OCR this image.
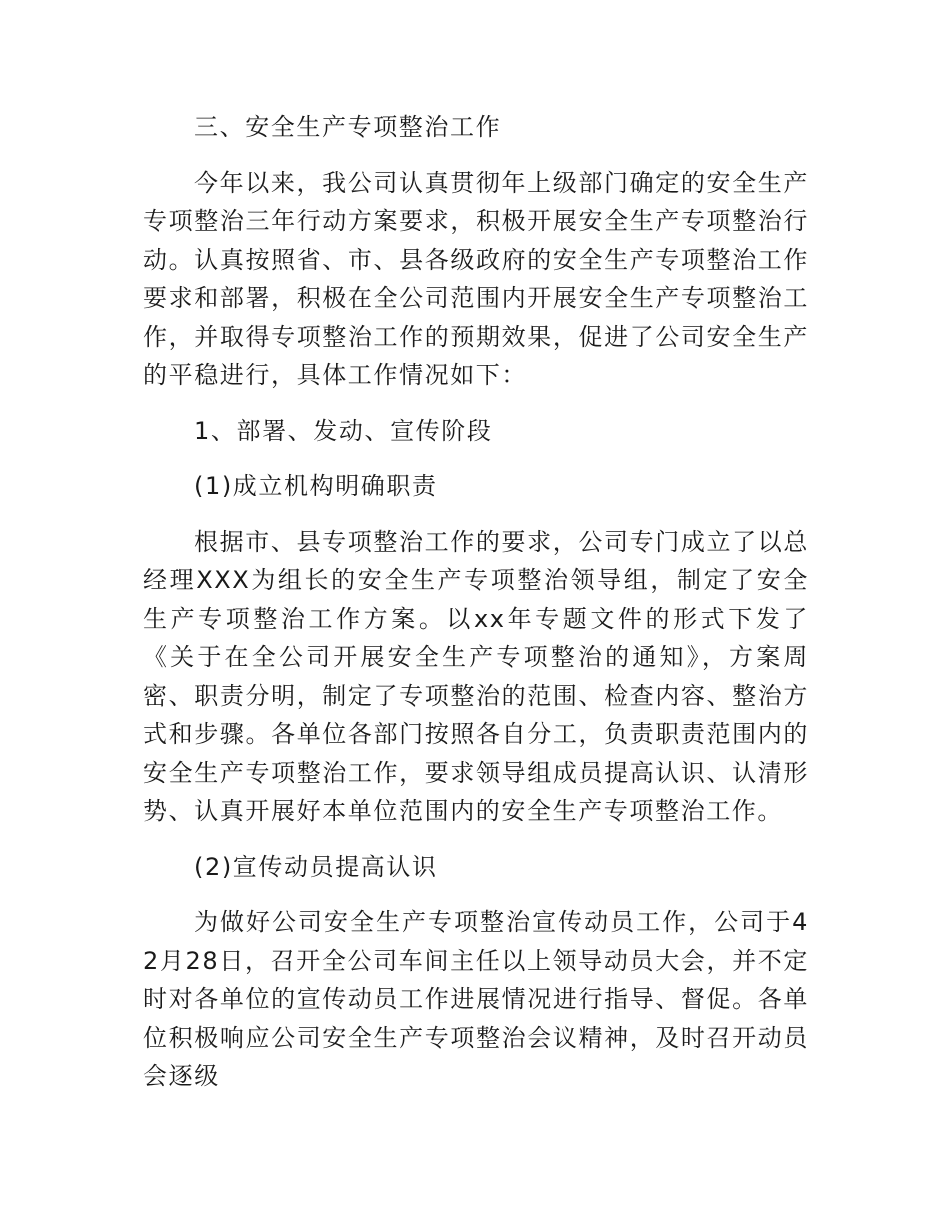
三、安全生产专项整治工作

今年以来，我公司认真贯彻年上级部门确定的安全生产专项整治三年行动方案要求，积极开展安全生产专项整治行动。认真按照省、市、县各级政府的安全生产专项整治工作要求和部署，积极在全公司范围内开展安全生产专项整治工作，并取得专项整治工作的预期效果，促进了公司安全生产的平稳进行，具体工作情况如下：

1、部署、发动、宣传阶段

(1)成立机构明确职责

根据市、县专项整治工作的要求，公司专门成立了以总经理XXX为组长的安全生产专项整治领导组，制定了安全生产专项整治工作方案。以xx年专题文件的形式下发了《关于在全公司开展安全生产专项整治的通知》，方案周密、职责分明，制定了专项整治的范围、检查内容、整治方式和步骤。各单位各部门按照各自分工，负责职责范围内的安全生产专项整治工作，要求领导组成员提高认识、认清形势、认真开展好本单位范围内的安全生产专项整治工作。

(2)宣传动员提高认识

为做好公司安全生产专项整治宣传动员工作，公司于42月28日，召开全公司车间主任以上领导动员大会，并不定时对各单位的宣传动员工作进展情况进行指导、督促。各单位积极响应公司安全生产专项整治会议精神，及时召开动员会逐级
